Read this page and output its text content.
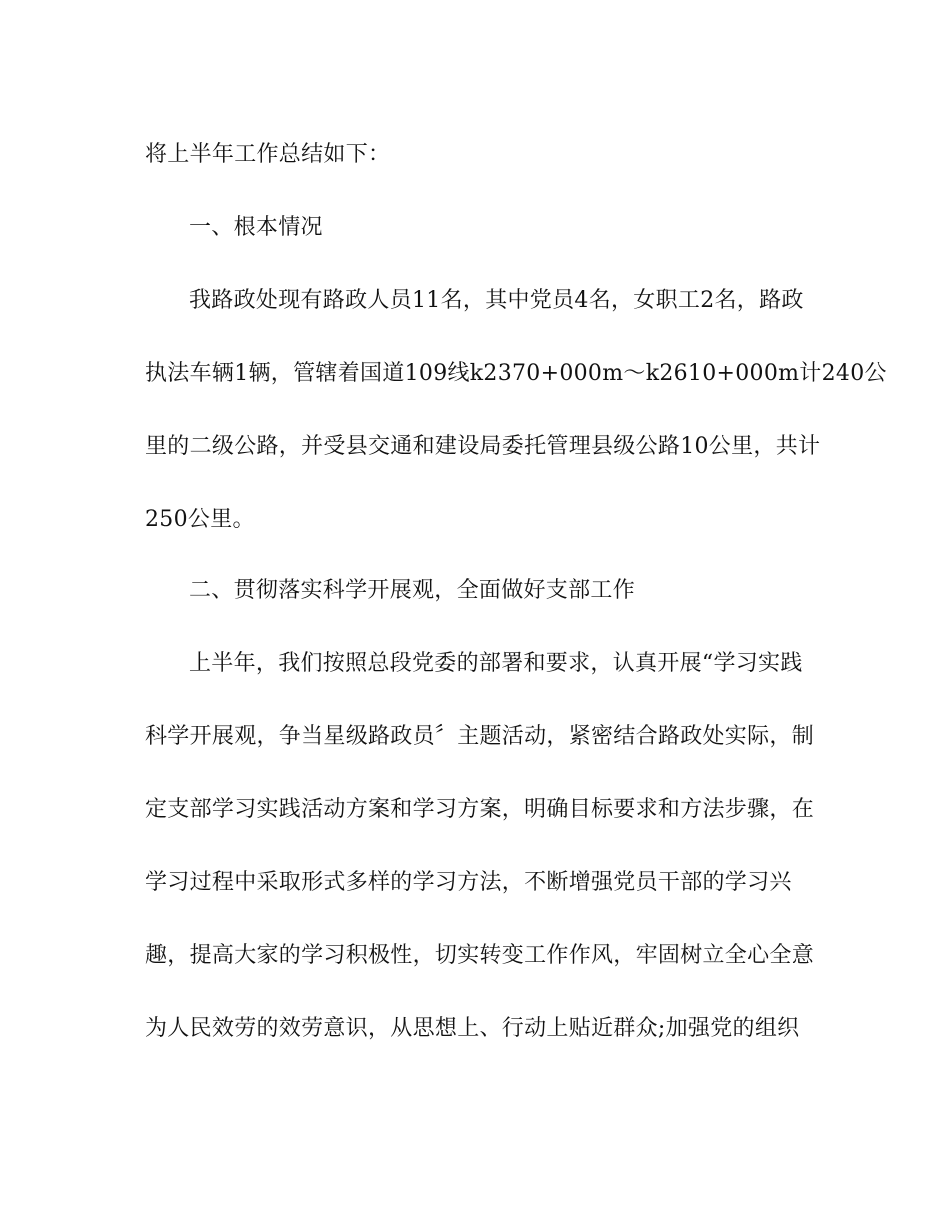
将上半年工作总结如下：
一、根本情况
我路政处现有路政人员11名，其中党员4名，女职工2名，路政
执法车辆1辆，管辖着国道109线k2370+000m～k2610+000m计240公
里的二级公路，并受县交通和建设局委托管理县级公路10公里，共计
250公里。
二、贯彻落实科学开展观，全面做好支部工作
上半年，我们按照总段党委的部署和要求，认真开展“学习实践
科学开展观，争当星级路政员〞主题活动，紧密结合路政处实际，制
定支部学习实践活动方案和学习方案，明确目标要求和方法步骤，在
学习过程中采取形式多样的学习方法，不断增强党员干部的学习兴
趣，提高大家的学习积极性，切实转变工作作风，牢固树立全心全意
为人民效劳的效劳意识，从思想上、行动上贴近群众;加强党的组织
